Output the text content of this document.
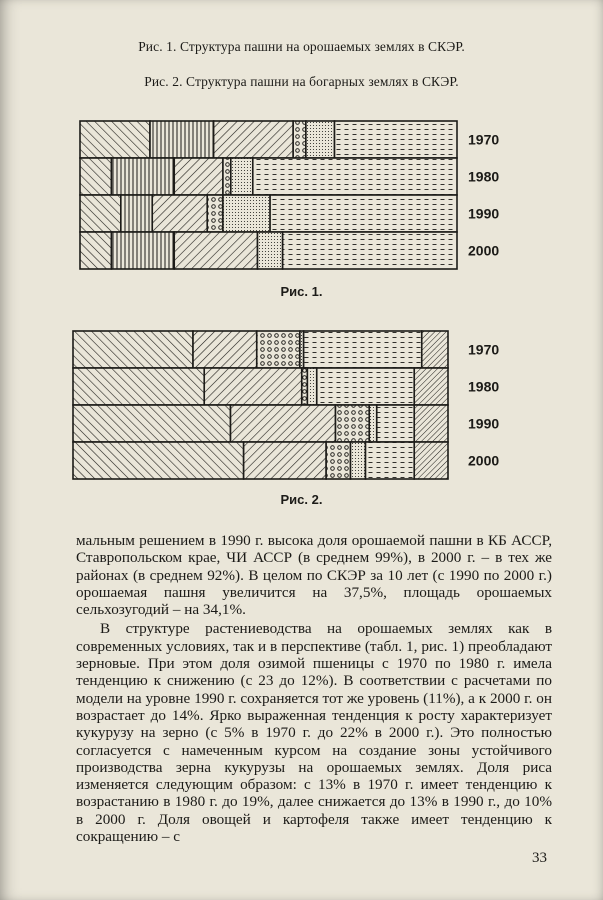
Рис. 1. Структура пашни на орошаемых землях в СКЭР.
Рис. 2. Структура пашни на богарных землях в СКЭР.
1970
1980
1990
2000
Рис. 1.
1970
1980
1990
2000
Рис. 2.

мальным решением в 1990 г. высока доля орошаемой пашни в КБ АССР, Ставропольском крае, ЧИ АССР (в среднем 99%), в 2000 г. – в тех же районах (в среднем 92%). В целом по СКЭР за 10 лет (с 1990 по 2000 г.) орошаемая пашня увеличится на 37,5%, площадь орошаемых сельхозугодий – на 34,1%.

В структуре растениеводства на орошаемых землях как в современных условиях, так и в перспективе (табл. 1, рис. 1) преобладают зерновые. При этом доля озимой пшеницы с 1970 по 1980 г. имела тенденцию к снижению (с 23 до 12%). В соответствии с расчетами по модели на уровне 1990 г. сохраняется тот же уровень (11%), а к 2000 г. он возрастает до 14%. Ярко выраженная тенденция к росту характеризует кукурузу на зерно (с 5% в 1970 г. до 22% в 2000 г.). Это полностью согласуется с намеченным курсом на создание зоны устойчивого производства зерна кукурузы на орошаемых землях. Доля риса изменяется следующим образом: с 13% в 1970 г. имеет тенденцию к возрастанию в 1980 г. до 19%, далее снижается до 13% в 1990 г., до 10% в 2000 г. Доля овощей и картофеля также имеет тенденцию к сокращению – с

33
